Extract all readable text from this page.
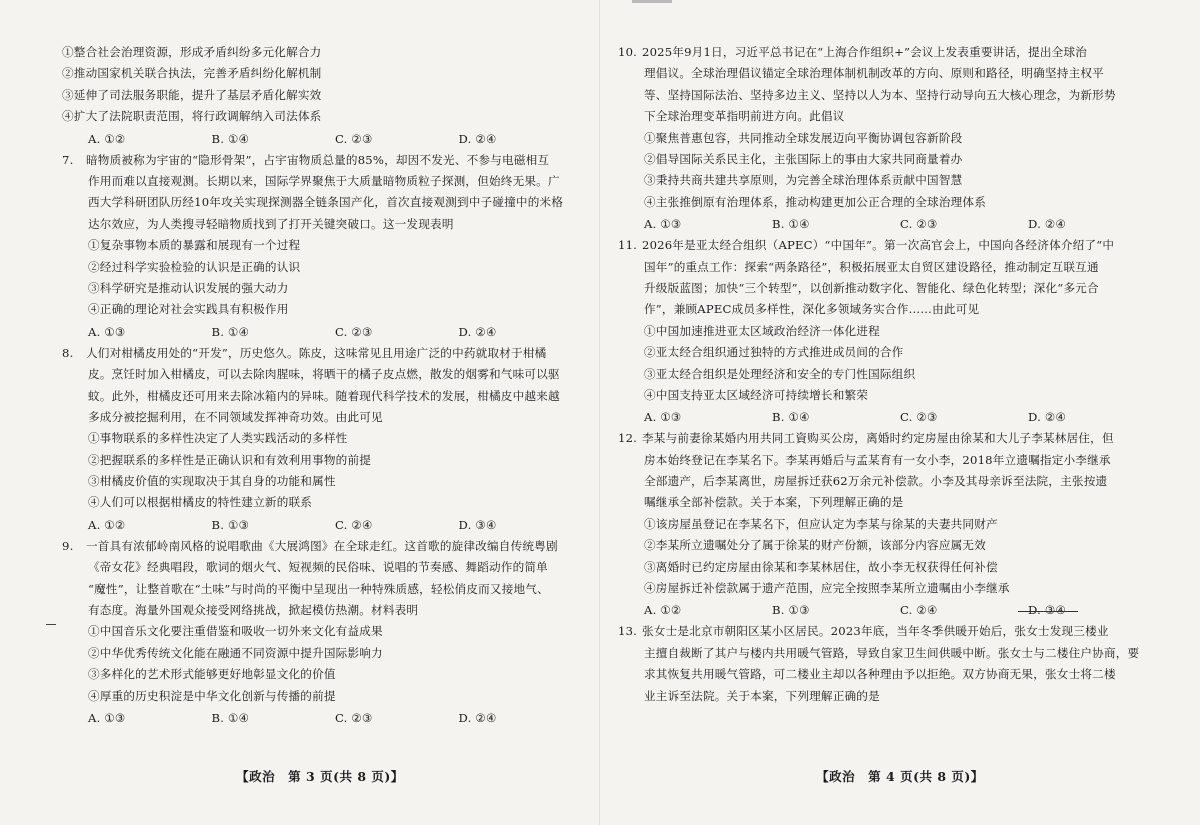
①整合社会治理资源，形成矛盾纠纷多元化解合力
②推动国家机关联合执法，完善矛盾纠纷化解机制
③延伸了司法服务职能，提升了基层矛盾化解实效
④扩大了法院职责范围，将行政调解纳入司法体系
A. ①②	B. ①④	C. ②③	D. ②④
7.	暗物质被称为宇宙的“隐形骨架”，占宇宙物质总量的85%，却因不发光、不参与电磁相互
作用而难以直接观测。长期以来，国际学界聚焦于大质量暗物质粒子探测，但始终无果。广
西大学科研团队历经10年攻关实现探测器全链条国产化，首次直接观测到中子碰撞中的米格
达尔效应，为人类搜寻轻暗物质找到了打开关键突破口。这一发现表明
①复杂事物本质的暴露和展现有一个过程
②经过科学实验检验的认识是正确的认识
③科学研究是推动认识发展的强大动力
④正确的理论对社会实践具有积极作用
A. ①③	B. ①④	C. ②③	D. ②④
8.	人们对柑橘皮用处的“开发”，历史悠久。陈皮，这味常见且用途广泛的中药就取材于柑橘
皮。烹饪时加入柑橘皮，可以去除肉腥味，将晒干的橘子皮点燃，散发的烟雾和气味可以驱
蚊。此外，柑橘皮还可用来去除冰箱内的异味。随着现代科学技术的发展，柑橘皮中越来越
多成分被挖掘利用，在不同领域发挥神奇功效。由此可见
①事物联系的多样性决定了人类实践活动的多样性
②把握联系的多样性是正确认识和有效利用事物的前提
③柑橘皮价值的实现取决于其自身的功能和属性
④人们可以根据柑橘皮的特性建立新的联系
A. ①②	B. ①③	C. ②④	D. ③④
9.	一首具有浓郁岭南风格的说唱歌曲《大展鸿图》在全球走红。这首歌的旋律改编自传统粤剧
《帝女花》经典唱段，歌词的烟火气、短视频的民俗味、说唱的节奏感、舞蹈动作的简单
“魔性”，让整首歌在“土味”与时尚的平衡中呈现出一种特殊质感，轻松俏皮而又接地气、
有态度。海量外国观众接受网络挑战，掀起模仿热潮。材料表明
①中国音乐文化要注重借鉴和吸收一切外来文化有益成果
②中华优秀传统文化能在融通不同资源中提升国际影响力
③多样化的艺术形式能够更好地彰显文化的价值
④厚重的历史积淀是中华文化创新与传播的前提
A. ①③	B. ①④	C. ②③	D. ②④
【政治　第 3 页(共 8 页)】
10. 2025年9月1日，习近平总书记在“上海合作组织+”会议上发表重要讲话，提出全球治
理倡议。全球治理倡议锚定全球治理体制机制改革的方向、原则和路径，明确坚持主权平
等、坚持国际法治、坚持多边主义、坚持以人为本、坚持行动导向五大核心理念，为新形势
下全球治理变革指明前进方向。此倡议
①聚焦普惠包容，共同推动全球发展迈向平衡协调包容新阶段
②倡导国际关系民主化，主张国际上的事由大家共同商量着办
③秉持共商共建共享原则，为完善全球治理体系贡献中国智慧
④主张推倒原有治理体系，推动构建更加公正合理的全球治理体系
A. ①③	B. ①④	C. ②③	D. ②④
11. 2026年是亚太经合组织（APEC）“中国年”。第一次高官会上，中国向各经济体介绍了“中
国年”的重点工作：探索“两条路径”，积极拓展亚太自贸区建设路径，推动制定互联互通
升级版蓝图；加快“三个转型”，以创新推动数字化、智能化、绿色化转型；深化“多元合
作”，兼顾APEC成员多样性，深化多领域务实合作……由此可见
①中国加速推进亚太区域政治经济一体化进程
②亚太经合组织通过独特的方式推进成员间的合作
③亚太经合组织是处理经济和安全的专门性国际组织
④中国支持亚太区域经济可持续增长和繁荣
A. ①③	B. ①④	C. ②③	D. ②④
12. 李某与前妻徐某婚内用共同工資购买公房，离婚时约定房屋由徐某和大儿子李某林居住，但
房本始终登记在李某名下。李某再婚后与孟某育有一女小李，2018年立遗嘱指定小李继承
全部遗产，后李某离世，房屋拆迁获62万余元补偿款。小李及其母亲诉至法院，主张按遗
嘱继承全部补偿款。关于本案，下列理解正确的是
①该房屋虽登记在李某名下，但应认定为李某与徐某的夫妻共同财产
②李某所立遗嘱处分了属于徐某的财产份额，该部分内容应属无效
③离婚时已约定房屋由徐某和李某林居住，故小李无权获得任何补偿
④房屋拆迁补偿款属于遗产范围，应完全按照李某所立遗嘱由小李继承
A. ①②	B. ①③	C. ②④	D. ③④
13. 张女士是北京市朝阳区某小区居民。2023年底，当年冬季供暖开始后，张女士发现三楼业
主擅自裁断了其户与楼内共用暖气管路，导致自家卫生间供暖中断。张女士与二楼住户协商，要
求其恢复共用暖气管路，可二楼业主却以各种理由予以拒绝。双方协商无果，张女士将二楼
业主诉至法院。关于本案，下列理解正确的是
【政治　第 4 页(共 8 页)】
